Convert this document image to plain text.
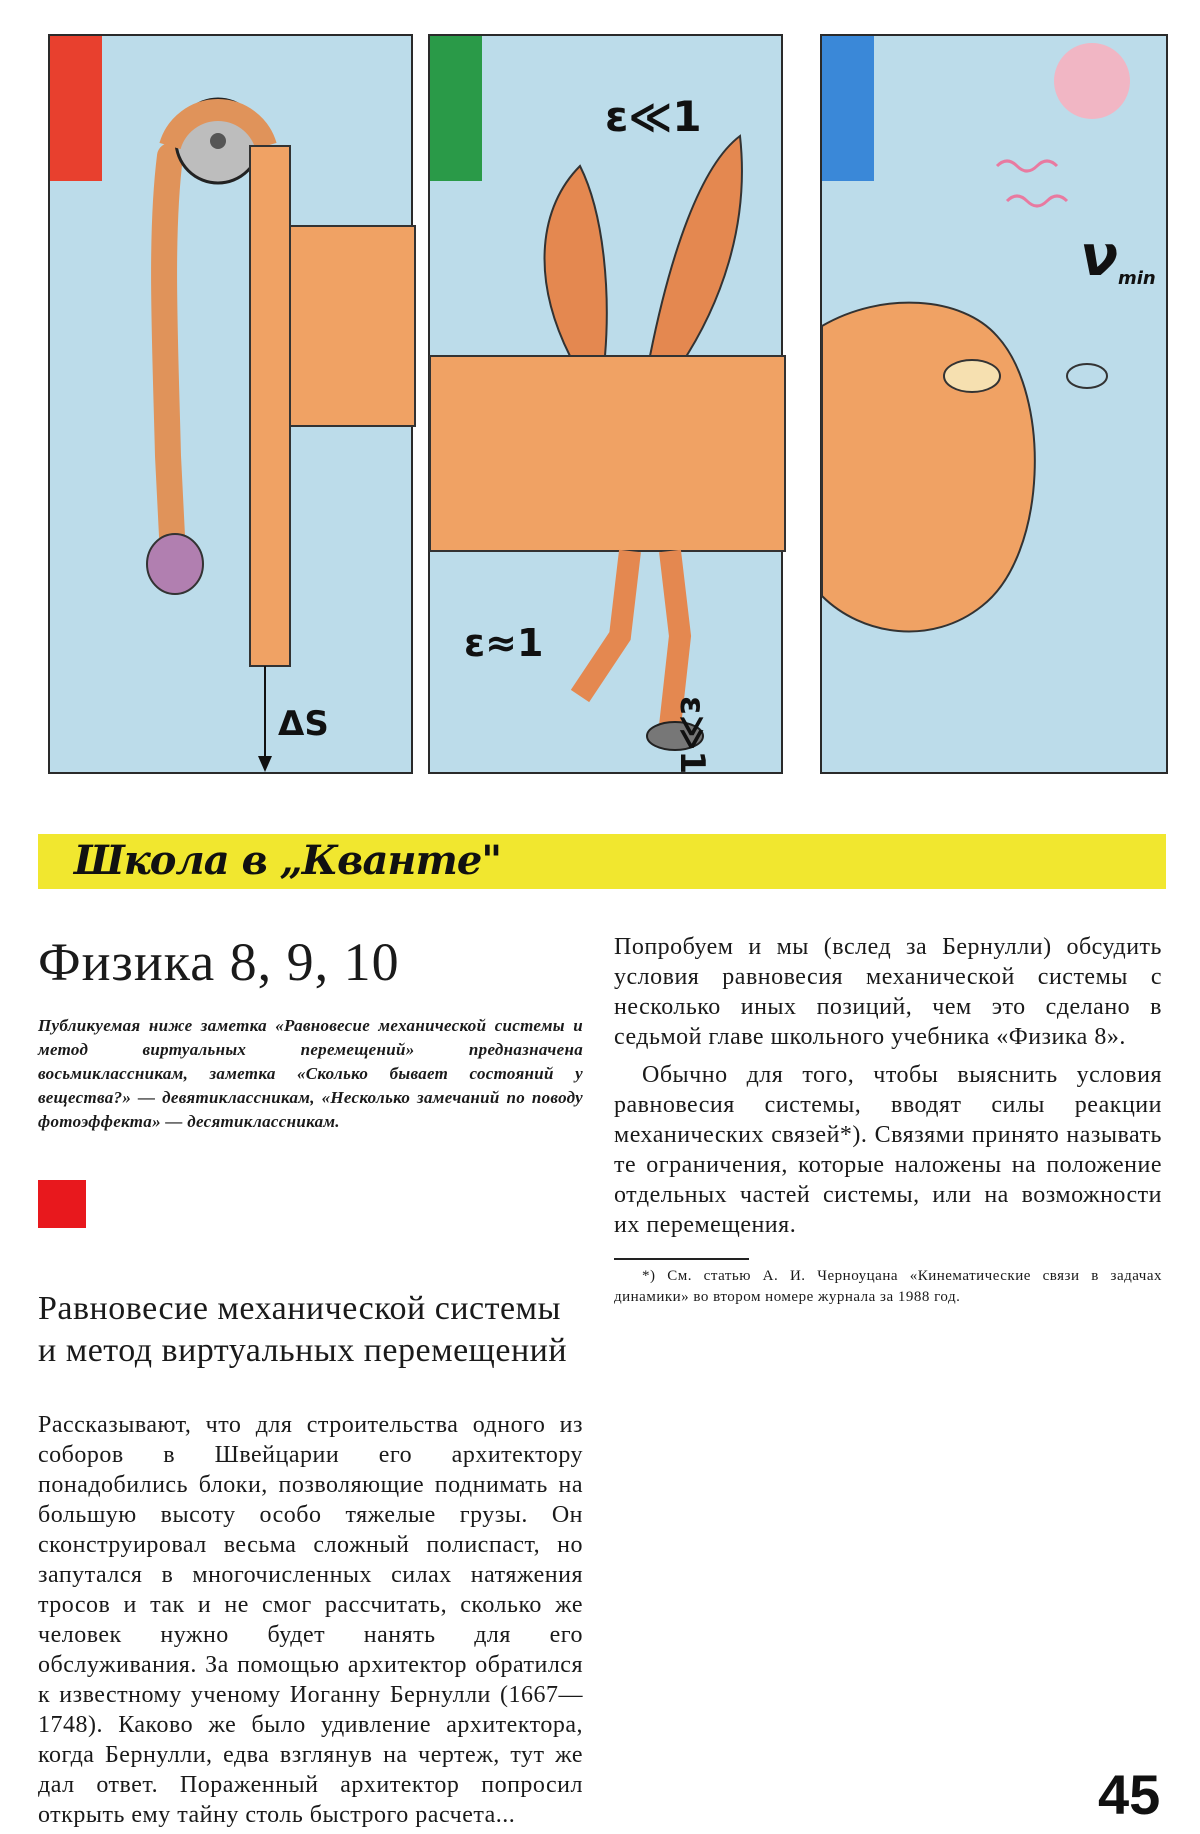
ΔS
ε≪1
ε≈1
ε≫1
ν min
Школа в „Кванте"
Физика 8, 9, 10

Публикуемая ниже заметка «Равновесие механической системы и метод виртуальных перемещений» предназначена восьмиклассникам, заметка «Сколько бывает состояний у вещества?» — девятиклассникам, «Несколько замечаний по поводу фотоэффекта» — десятиклассникам.

Равновесие механической системы и метод виртуальных перемещений

Рассказывают, что для строительства одного из соборов в Швейцарии его архитектору понадобились блоки, позволяющие поднимать на большую высоту особо тяжелые грузы. Он сконструировал весьма сложный полиспаст, но запутался в многочисленных силах натяжения тросов и так и не смог рассчитать, сколько же человек нужно будет нанять для его обслуживания. За помощью архитектор обратился к известному ученому Иоганну Бернулли (1667—1748). Каково же было удивление архитектора, когда Бернулли, едва взглянув на чертеж, тут же дал ответ. Пораженный архитектор попросил открыть ему тайну столь быстрого расчета...

Попробуем и мы (вслед за Бернулли) обсудить условия равновесия механической системы с несколько иных позиций, чем это сделано в седьмой главе школьного учебника «Физика 8».

Обычно для того, чтобы выяснить условия равновесия системы, вводят силы реакции механических связей*). Связями принято называть те ограничения, которые наложены на положение отдельных частей системы, или на возможности их перемещения.

*) См. статью А. И. Черноуцана «Кинематические связи в задачах динамики» во втором номере журнала за 1988 год.

45
